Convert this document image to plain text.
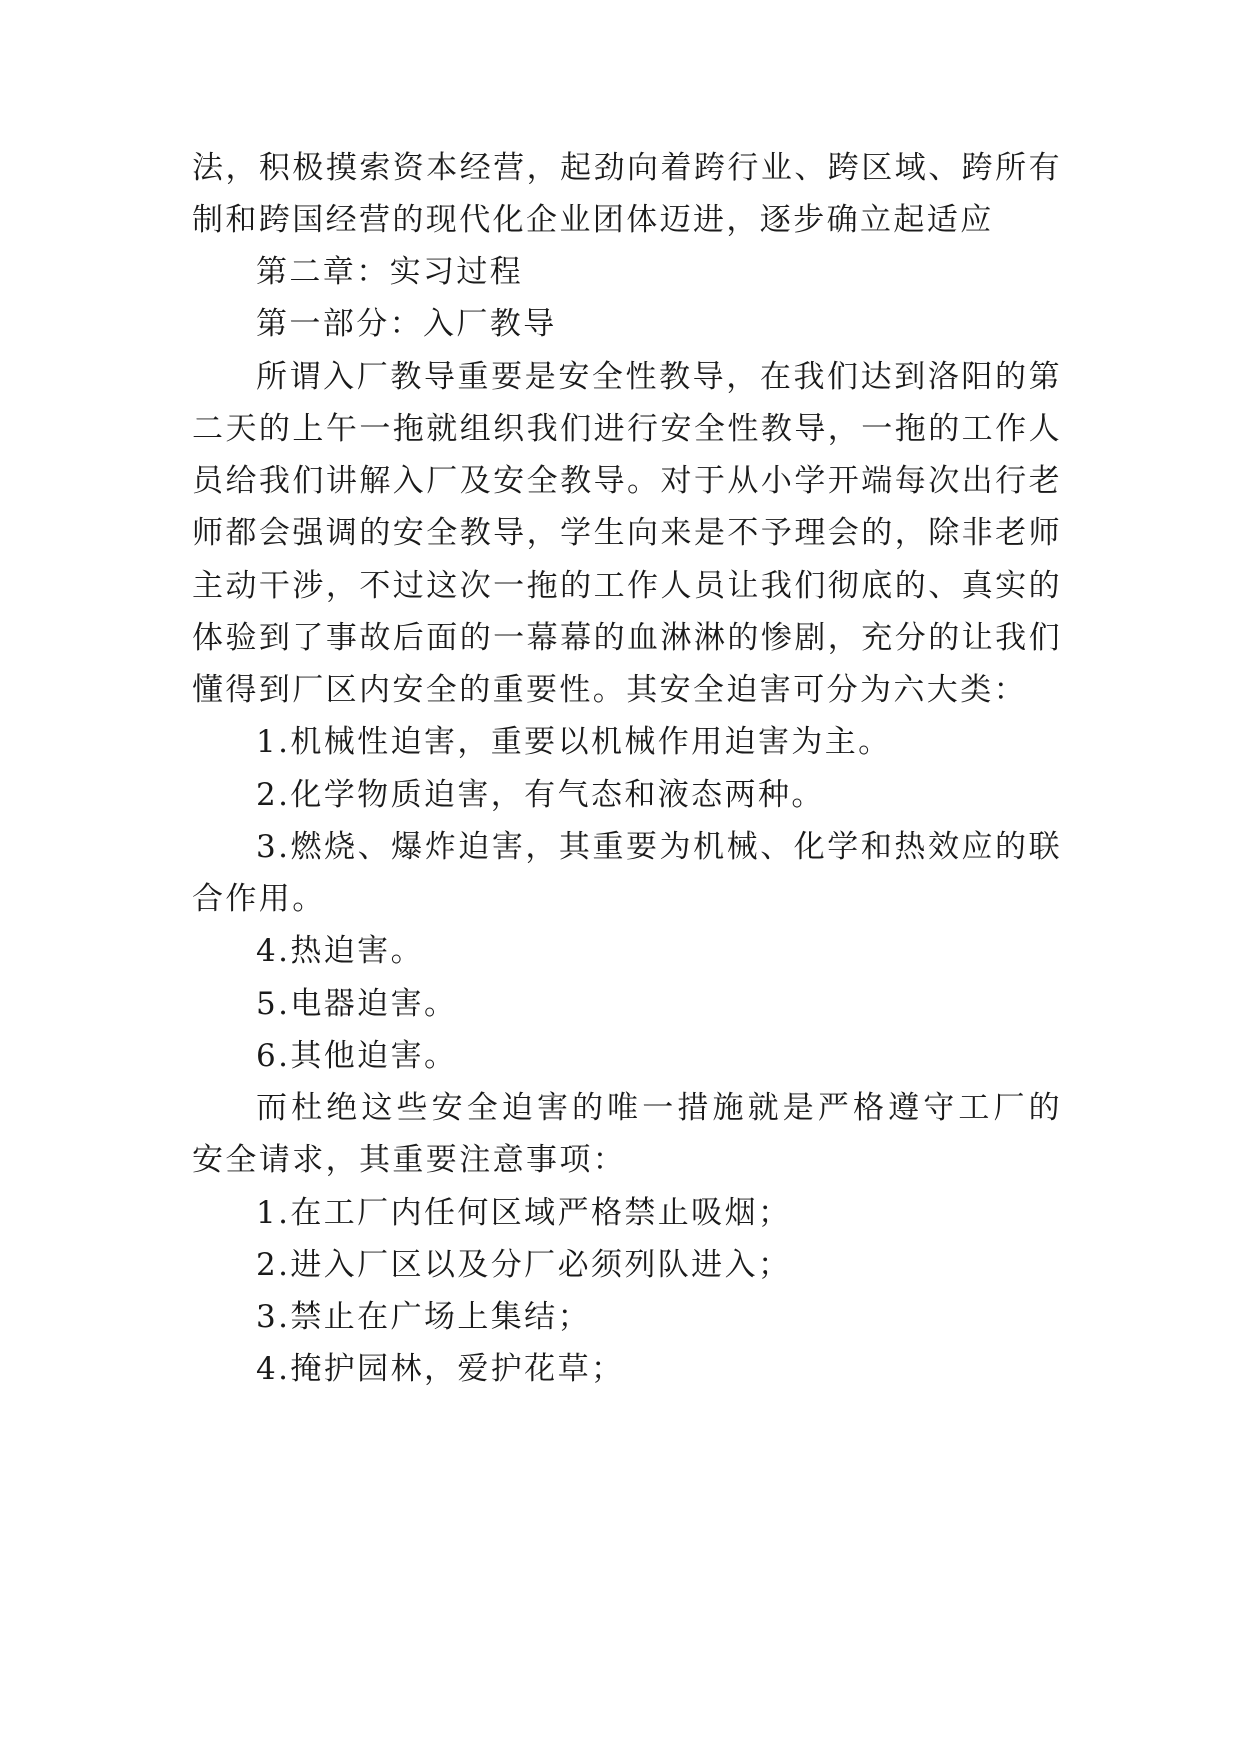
法，积极摸索资本经营，起劲向着跨行业、跨区域、跨所有
制和跨国经营的现代化企业团体迈进，逐步确立起适应
第二章：实习过程
第一部分：入厂教导
所谓入厂教导重要是安全性教导，在我们达到洛阳的第
二天的上午一拖就组织我们进行安全性教导，一拖的工作人
员给我们讲解入厂及安全教导。对于从小学开端每次出行老
师都会强调的安全教导，学生向来是不予理会的，除非老师
主动干涉，不过这次一拖的工作人员让我们彻底的、真实的
体验到了事故后面的一幕幕的血淋淋的惨剧，充分的让我们
懂得到厂区内安全的重要性。其安全迫害可分为六大类：
1.机械性迫害，重要以机械作用迫害为主。
2.化学物质迫害，有气态和液态两种。
3.燃烧、爆炸迫害，其重要为机械、化学和热效应的联
合作用。
4.热迫害。
5.电器迫害。
6.其他迫害。
而杜绝这些安全迫害的唯一措施就是严格遵守工厂的
安全请求，其重要注意事项：
1.在工厂内任何区域严格禁止吸烟；
2.进入厂区以及分厂必须列队进入；
3.禁止在广场上集结；
4.掩护园林，爱护花草；
